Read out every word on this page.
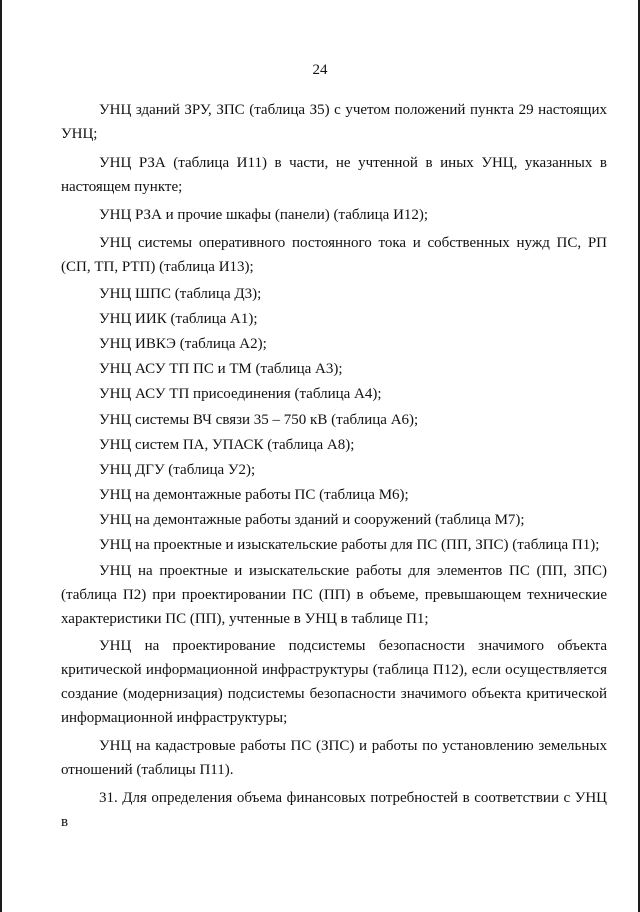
24

УНЦ зданий ЗРУ, ЗПС (таблица З5) с учетом положений пункта 29 настоящих УНЦ;

УНЦ РЗА (таблица И11) в части, не учтенной в иных УНЦ, указанных в настоящем пункте;

УНЦ РЗА и прочие шкафы (панели) (таблица И12);

УНЦ системы оперативного постоянного тока и собственных нужд ПС, РП (СП, ТП, РТП) (таблица И13);

УНЦ ШПС (таблица Д3);

УНЦ ИИК (таблица А1);

УНЦ ИВКЭ (таблица А2);

УНЦ АСУ ТП ПС и ТМ (таблица А3);

УНЦ АСУ ТП присоединения (таблица А4);

УНЦ системы ВЧ связи 35 – 750 кВ (таблица А6);

УНЦ систем ПА, УПАСК (таблица А8);

УНЦ ДГУ (таблица У2);

УНЦ на демонтажные работы ПС (таблица М6);

УНЦ на демонтажные работы зданий и сооружений (таблица М7);

УНЦ на проектные и изыскательские работы для ПС (ПП, ЗПС) (таблица П1);

УНЦ на проектные и изыскательские работы для элементов ПС (ПП, ЗПС) (таблица П2) при проектировании ПС (ПП) в объеме, превышающем технические характеристики ПС (ПП), учтенные в УНЦ в таблице П1;

УНЦ на проектирование подсистемы безопасности значимого объекта критической информационной инфраструктуры (таблица П12), если осуществляется создание (модернизация) подсистемы безопасности значимого объекта критической информационной инфраструктуры;

УНЦ на кадастровые работы ПС (ЗПС) и работы по установлению земельных отношений (таблицы П11).

31. Для определения объема финансовых потребностей в соответствии с УНЦ в
